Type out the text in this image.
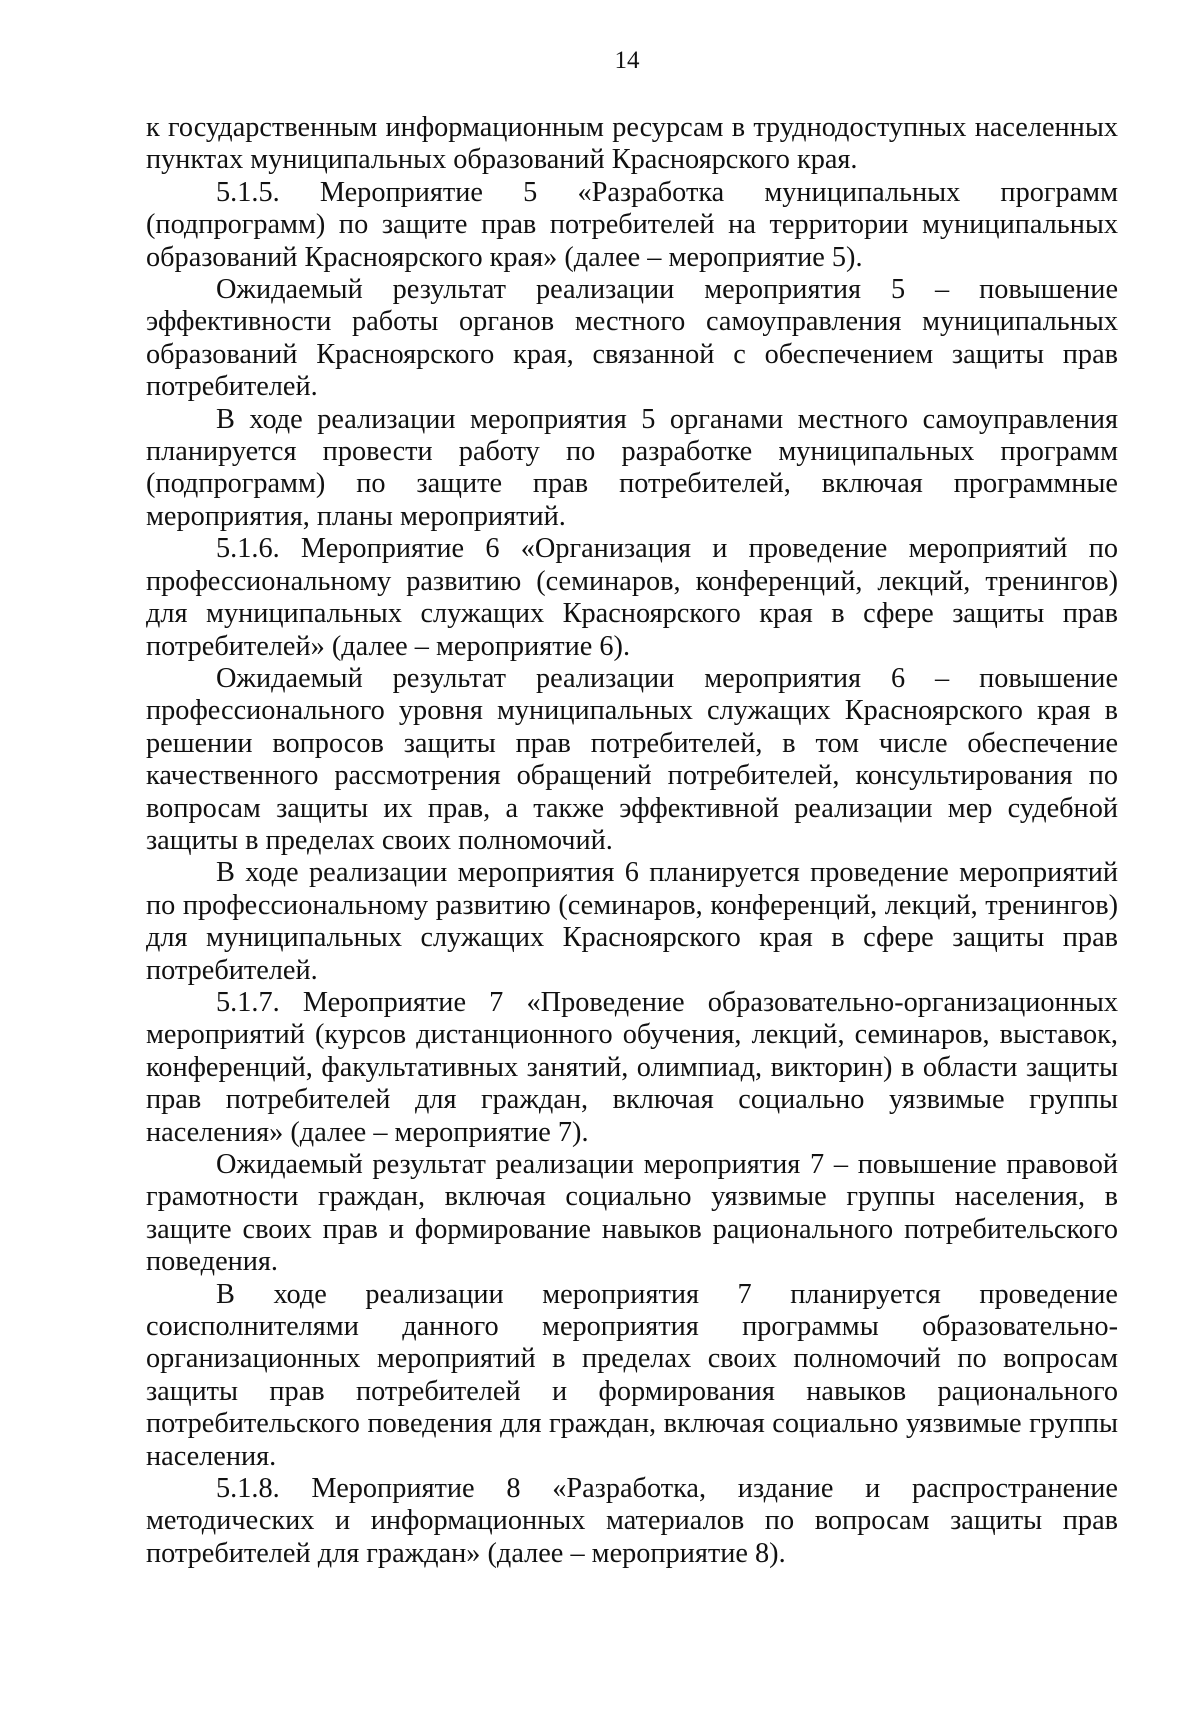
14

к государственным информационным ресурсам в труднодоступных населенных пунктах муниципальных образований Красноярского края.

5.1.5. Мероприятие 5 «Разработка муниципальных программ (подпрограмм) по защите прав потребителей на территории муниципальных образований Красноярского края» (далее – мероприятие 5).

Ожидаемый результат реализации мероприятия 5 – повышение эффективности работы органов местного самоуправления муниципальных образований Красноярского края, связанной с обеспечением защиты прав потребителей.

В ходе реализации мероприятия 5 органами местного самоуправления планируется провести работу по разработке муниципальных программ (подпрограмм) по защите прав потребителей, включая программные мероприятия, планы мероприятий.

5.1.6. Мероприятие 6 «Организация и проведение мероприятий по профессиональному развитию (семинаров, конференций, лекций, тренингов) для муниципальных служащих Красноярского края в сфере защиты прав потребителей» (далее – мероприятие 6).

Ожидаемый результат реализации мероприятия 6 – повышение профессионального уровня муниципальных служащих Красноярского края в решении вопросов защиты прав потребителей, в том числе обеспечение качественного рассмотрения обращений потребителей, консультирования по вопросам защиты их прав, а также эффективной реализации мер судебной защиты в пределах своих полномочий.

В ходе реализации мероприятия 6 планируется проведение мероприятий по профессиональному развитию (семинаров, конференций, лекций, тренингов) для муниципальных служащих Красноярского края в сфере защиты прав потребителей.

5.1.7. Мероприятие 7 «Проведение образовательно-организационных мероприятий (курсов дистанционного обучения, лекций, семинаров, выставок, конференций, факультативных занятий, олимпиад, викторин) в области защиты прав потребителей для граждан, включая социально уязвимые группы населения» (далее – мероприятие 7).

Ожидаемый результат реализации мероприятия 7 – повышение правовой грамотности граждан, включая социально уязвимые группы населения, в защите своих прав и формирование навыков рационального потребительского поведения.

В ходе реализации мероприятия 7 планируется проведение соисполнителями данного мероприятия программы образовательно-организационных мероприятий в пределах своих полномочий по вопросам защиты прав потребителей и формирования навыков рационального потребительского поведения для граждан, включая социально уязвимые группы населения.

5.1.8. Мероприятие 8 «Разработка, издание и распространение методических и информационных материалов по вопросам защиты прав потребителей для граждан» (далее – мероприятие 8).
